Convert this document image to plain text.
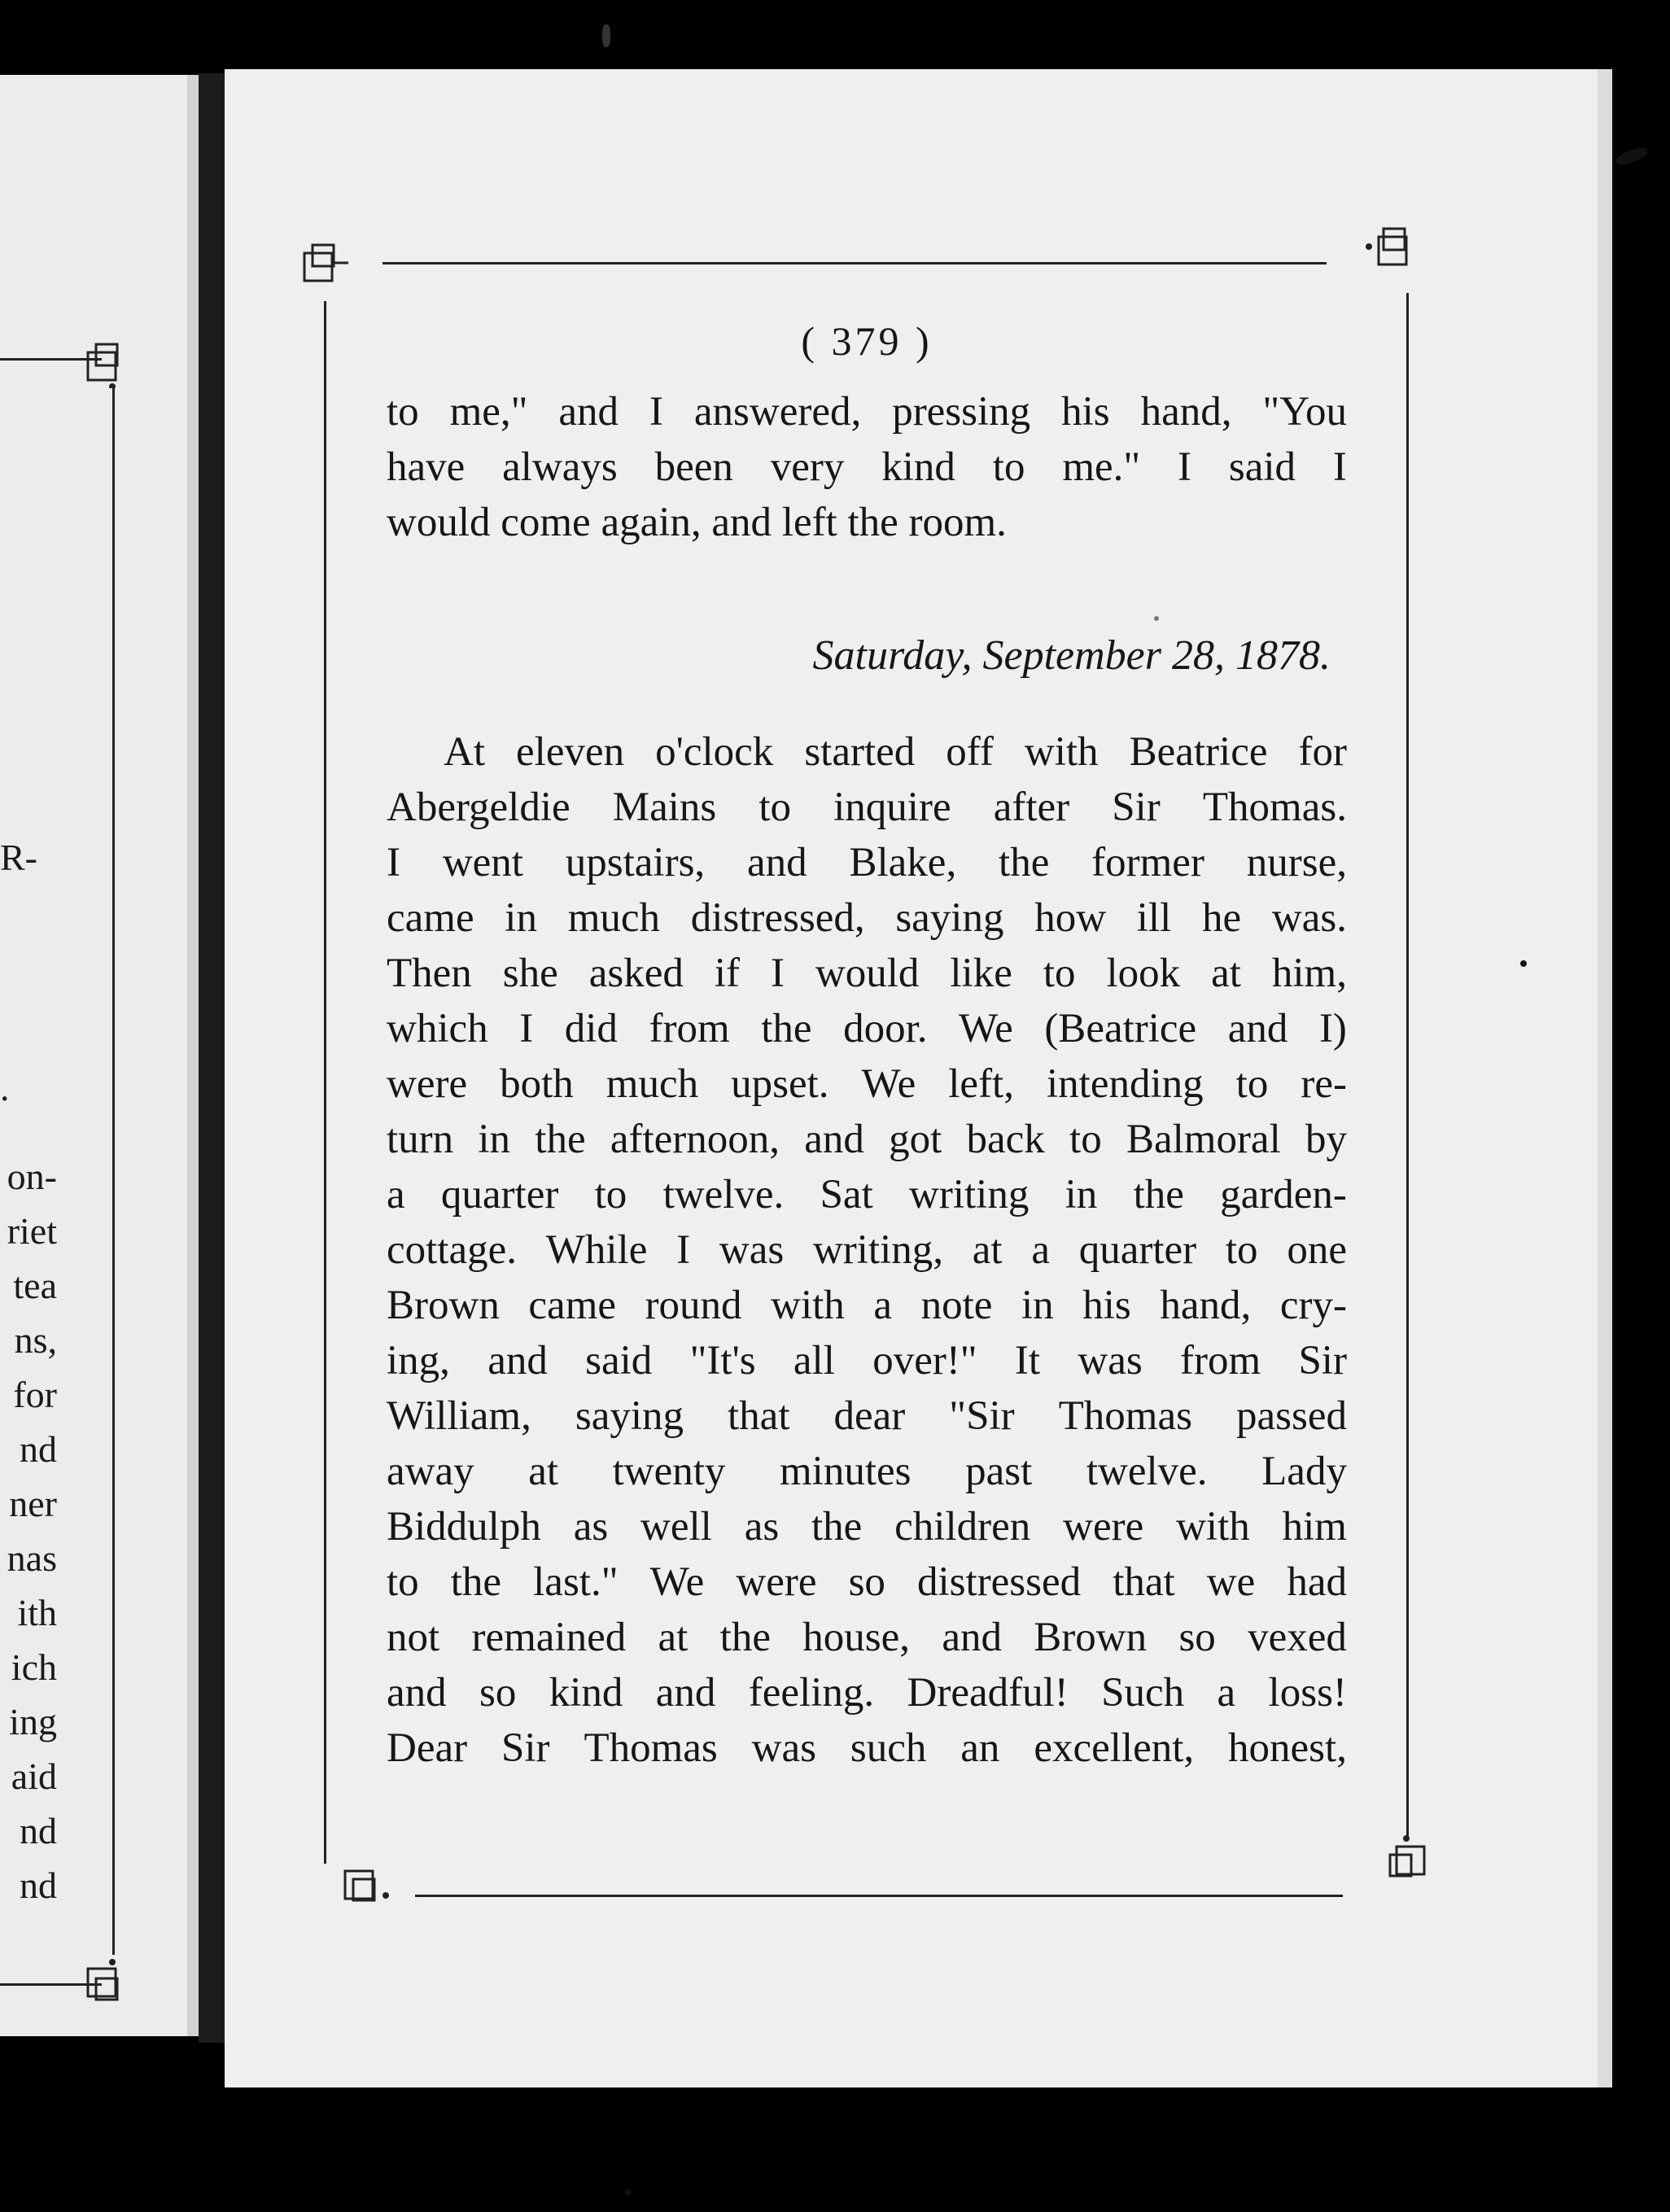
R-
.
on-
riet
tea
ns,
for
nd
ner
nas
ith
ich
ing
aid
nd
nd
( 379 )
to me," and I answered, pressing his hand, "You
have always been very kind to me." I said I
would come again, and left the room.
Saturday, September 28, 1878.
At eleven o'clock started off with Beatrice for
Abergeldie Mains to inquire after Sir Thomas.
I went upstairs, and Blake, the former nurse,
came in much distressed, saying how ill he was.
Then she asked if I would like to look at him,
which I did from the door. We (Beatrice and I)
were both much upset. We left, intending to re-
turn in the afternoon, and got back to Balmoral by
a quarter to twelve. Sat writing in the garden-
cottage. While I was writing, at a quarter to one
Brown came round with a note in his hand, cry-
ing, and said "It's all over!" It was from Sir
William, saying that dear "Sir Thomas passed
away at twenty minutes past twelve. Lady
Biddulph as well as the children were with him
to the last." We were so distressed that we had
not remained at the house, and Brown so vexed
and so kind and feeling. Dreadful! Such a loss!
Dear Sir Thomas was such an excellent, honest,
